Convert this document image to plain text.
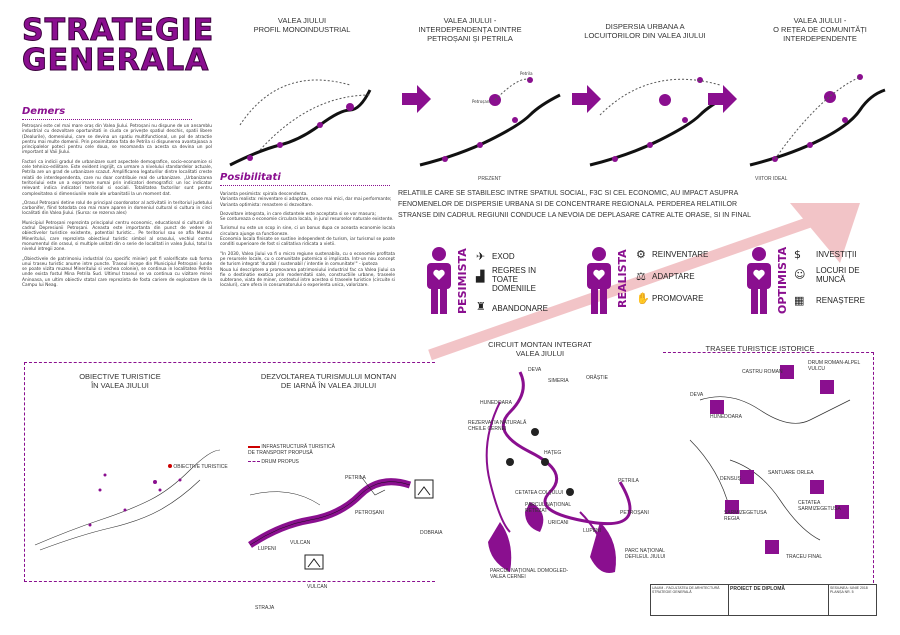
STRATEGIE
GENERALA
Demers

Petroșani este cel mai mare oraș din Valea Jiului. Petroșani nu dispune de un ansamblu industrial cu dezvoltare oportunitati in ciuda ce privește spatiul deschis, spatii libere (Dealurile), domeniului, care se devina un spatiu multifunctional, un pol de atractie pentru mai multe domenii. Prin proximitatea fata de Petrila si dispunerea avantajoasa a principalelor poteci pentru cele doua, se recomanda ca acesta sa devina un pol important al Vaii Jiului.

Factori ca indicii gradul de urbanizare sunt aspectele demografice, socio-economice si cele tehnico-edilitare. Este evident ingrijit, ca urmare a nivelului standardelor actuale, Petrila are un grad de urbanizare scazut. Amplificarea legaturilor dintre localitati creste relatii de interdependenta, care nu doar contribuie real de urbanizare. „Urbanizarea teritoriului este un a exprimare numai prin indicatori demografici: un loc indicator relevant indica indicatori teritorial si sociali. Totalitatea factorilor sunt pentru complexitatea si dimensiunile reale ale urbanitatii la un moment dat.

„Orasul Petroșani detine rolul de principal coordonator al activitatii in teritoriul judetului carbonifer, fiind totodata cea mai mare aparen in domeniul cultural si cultura in cinci localitati din Valea Jiului. (Sursa: se rezerva ales)

Municipiul Petroșani reprezinta principalul centru economic, educational si cultural din cadrul Depresiunii Petroșani. Aceasta este importanta din punct de vedere al obiectivelor turistice existente, potential turistic... Pe teritoriul sau se afla Muzeul Mineritului, care reprezinta obiectivul turistic simbol al orasului, vechiul centru monumentul din orasul, si multiple unitati din o serie de localitati in valea Jiului, totul la nivelul intregii zone.

„Obiectivele de patrimoniu industrial (cu specific minier) pot fi valorificate sub forma unui traseu turistic anume intre puncte. Traseul incepe din Municipiul Petroșani (unde se poate vizita muzeul Mineritului si vechea colonie), se continua in localitatea Petrila unde exista fostul Mina Petrila Sud. Ultimul traseul se va continua cu vizitare minei Aninoasa, un ultim obiectiv statal care reprezinta de fosta cariere de exploatare de la Campu lui Neag.

VALEA JIULUI
PROFIL MONOINDUSTRIAL
VALEA JIULUI -
INTERDEPENDENȚA DINTRE
PETROȘANI ȘI PETRILA
DISPERSIA URBANA A
LOCUITORILOR DIN VALEA JIULUI
VALEA JIULUI -
O REȚEA DE COMUNITĂȚI
INTERDEPENDENTE
Petroșani
Petrila
PREZENT	VIITOR IDEAL
Posibilitati

Varianta pesimista: spirala descendenta.
Varianta realista: reinventare si adaptare, orase mai mici, dar mai performante;
Varianta optimista: renastere si dezvoltare.

Dezvoltare integrata, in care distantele este acceptata si se vor masura;
Se contureaza o economie circulara locala, in jurul resurselor naturale existente.

Turismul nu este un scop in sine, ci un bonus dupa ce aceasta economie locala circulara ajunge sa functioneze.
Economia locala finisate se sustine independent de turism, iar turismul se poate conditi superioare de fost si calitativa ridicata a vietii.

"In 2030, Valea Jiului va fi o micro regiune sustenabila, cu o economie profitata pe resursele locale, cu o comunitate puternica si implicata. Intr-un nou concept de turism integrat 'durabil / sustenabil / intentie in comunitate'" - ipoteza
Noua lui descriptere a promovarea patrimoniului industrial fac ca Valea Jiului sa fie o destinatie exotica prin modernitatii sale, constructiile urbane, traseele subterane, viata de miner, contextul intre acestea si traseele turistice (circuite si localuri), care ofera in consumatorului o experienta unica, valorizare.

RELATIILE CARE SE STABILESC INTRE SPATIUL SOCIAL, F3C SI CEL ECONOMIC, AU IMPACT ASUPRA
FENOMENELOR DE DISPERSIE URBANA SI DE CONCENTRARE REGIONALA. PERDEREA RELATIILOR
STRANSE DIN CADRUL REGIUNII CONDUCE LA NEVOIA DE DEPLASARE CATRE ALTE ORASE, SI IN FINAL
PESIMISTA ✈ EXOD
▟ REGRES IN TOATE DOMENIILE
♜ ABANDONARE
REALISTA ⚙ REINVENTARE
⚖ ADAPTARE
✋ PROMOVARE	OPTIMISTA $ INVESTIȚII
☺ LOCURI DE MUNCĂ
▦ RENAȘTERE
OBIECTIVE TURISTICE
ÎN VALEA JIULUI
OBIECTIVE TURISTICE
DEZVOLTAREA TURISMULUI MONTAN
DE IARNĂ ÎN VALEA JIULUI
INFRASTRUCTURĂ TURISTICĂ
DE TRANSPORT PROPUSĂ
DRUM PROPUS
PETRILA
PETROȘANI
VULCAN
LUPENI
STRAJA
VULCAN
DOBRAIA
CIRCUIT MONTAN INTEGRAT
VALEA JIULUI
DEVA
SIMERIA	ORĂȘTIE
HUNEDOARA
REZERVAȚIA NATURALĂ CHEILE CERNEI
HAȚEG
CETATEA COLȚULUI
PARCUL NAȚIONAL RETEZAT
PETRILA
PETROȘANI
LUPENI
URICANI
PARC NAȚIONAL DEFILEUL JIULUI
PARCUL NAȚIONAL DOMOGLED-VALEA CERNEI
TRASEE TURISTICE ISTORICE
DRUM ROMAN-ALPEL VULCU
CASTRU ROMAN
DEVA
HUNEDOARA
SANTUARE ORLEA
DENSUȘ
CETATEA SARMIZEGETUSA
SARMIZEGETUSA REGIA
TRACEU FINAL
UAUIM - FACULTATEA DE ARHITECTURĂ
STRATEGIE GENERALĂ	PROIECT DE DIPLOMĂ	SESIUNEA: IUNIE 2018
PLANȘA NR. 5
